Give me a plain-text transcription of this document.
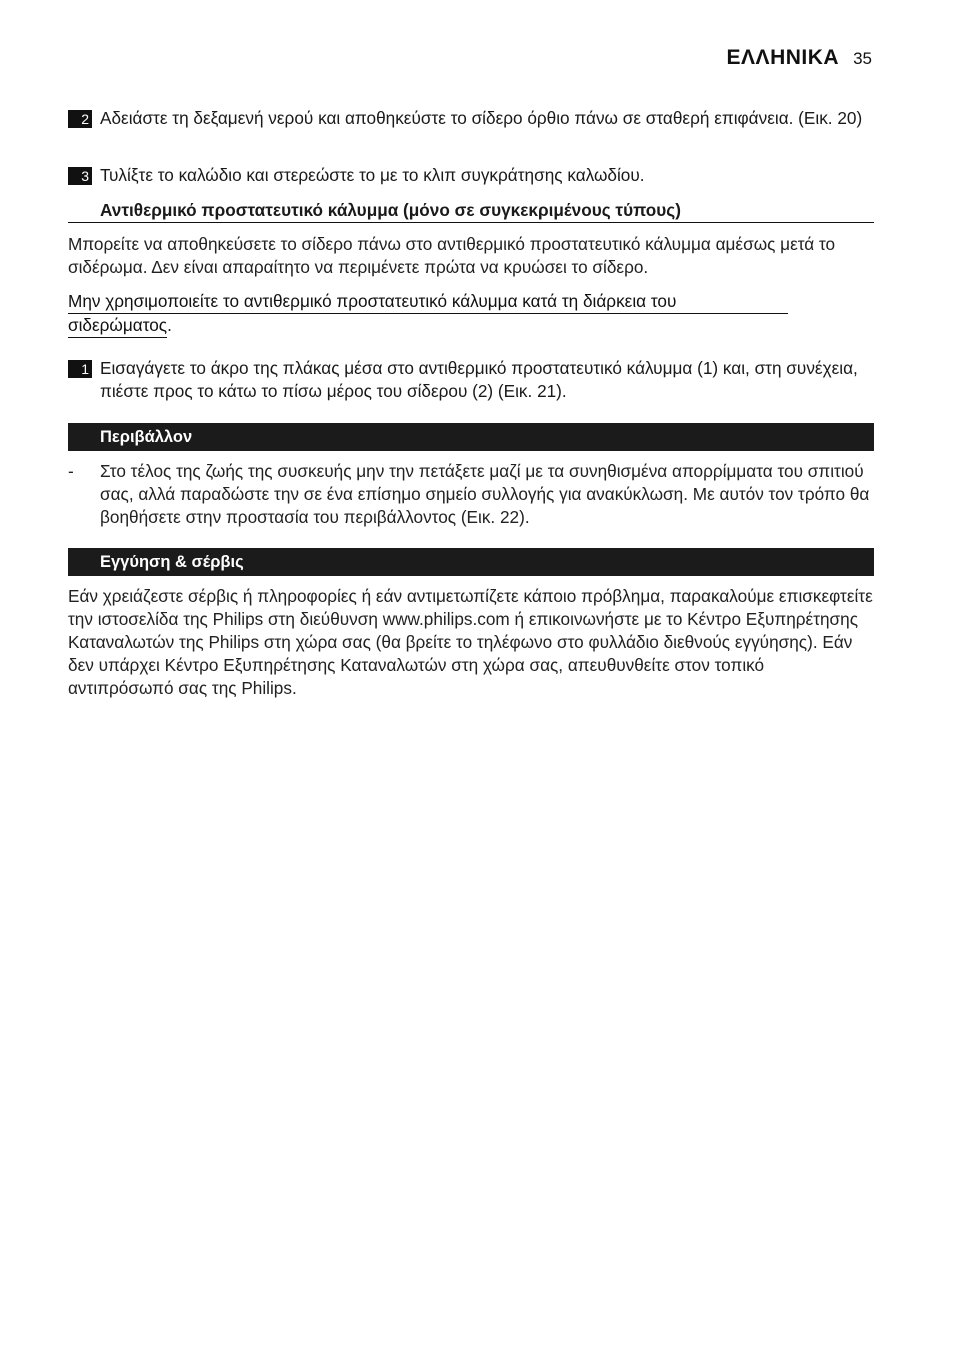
ΕΛΛΗΝΙΚΑ 35
2 Αδειάστε τη δεξαμενή νερού και αποθηκεύστε το σίδερο όρθιο πάνω σε σταθερή επιφάνεια. (Εικ. 20)
3 Τυλίξτε το καλώδιο και στερεώστε το με το κλιπ συγκράτησης καλωδίου.
Αντιθερμικό προστατευτικό κάλυμμα (μόνο σε συγκεκριμένους τύπους)
Μπορείτε να αποθηκεύσετε το σίδερο πάνω στο αντιθερμικό προστατευτικό κάλυμμα αμέσως μετά το σιδέρωμα. Δεν είναι απαραίτητο να περιμένετε πρώτα να κρυώσει το σίδερο.
Μην χρησιμοποιείτε το αντιθερμικό προστατευτικό κάλυμμα κατά τη διάρκεια του
σιδερώματος.
1 Εισαγάγετε το άκρο της πλάκας μέσα στο αντιθερμικό προστατευτικό κάλυμμα (1) και, στη συνέχεια, πιέστε προς το κάτω το πίσω μέρος του σίδερου (2) (Εικ. 21).
Περιβάλλον
- Στο τέλος της ζωής της συσκευής μην την πετάξετε μαζί με τα συνηθισμένα απορρίμματα του σπιτιού σας, αλλά παραδώστε την σε ένα επίσημο σημείο συλλογής για ανακύκλωση. Με αυτόν τον τρόπο θα βοηθήσετε στην προστασία του περιβάλλοντος (Εικ. 22).
Εγγύηση & σέρβις
Εάν χρειάζεστε σέρβις ή πληροφορίες ή εάν αντιμετωπίζετε κάποιο πρόβλημα, παρακαλούμε επισκεφτείτε την ιστοσελίδα της Philips στη διεύθυνση www.philips.com ή επικοινωνήστε με το Κέντρο Εξυπηρέτησης Καταναλωτών της Philips στη χώρα σας (θα βρείτε το τηλέφωνο στο φυλλάδιο διεθνούς εγγύησης). Εάν δεν υπάρχει Κέντρο Εξυπηρέτησης Καταναλωτών στη χώρα σας, απευθυνθείτε στον τοπικό αντιπρόσωπό σας της Philips.
